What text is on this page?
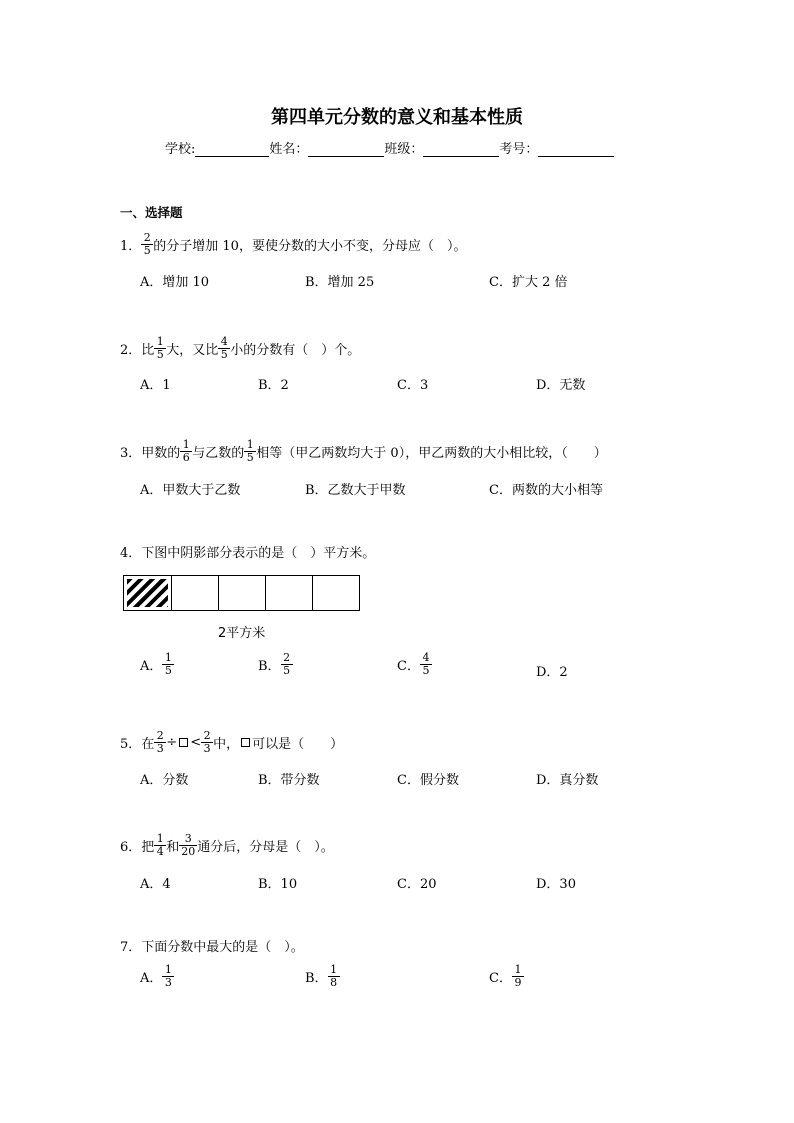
第四单元分数的意义和基本性质
学校:	姓名：	班级：	考号：
一、选择题
1． $\frac{2}{5}$ 的分子增加 10，要使分数的大小不变，分母应（　）。
A．增加 10	B．增加 25	C．扩大 2 倍
2．比 $\frac{1}{5}$ 大，又比 $\frac{4}{5}$ 小的分数有（　）个。
A．1	B．2	C．3	D．无数
3．甲数的 $\frac{1}{6}$ 与乙数的 $\frac{1}{5}$ 相等（甲乙两数均大于 0），甲乙两数的大小相比较，（　　）
A．甲数大于乙数	B．乙数大于甲数	C．两数的大小相等
4．下图中阴影部分表示的是（　）平方米。
2平方米
A． $\frac{1}{5}$	B． $\frac{2}{5}$	C． $\frac{4}{5}$	D．2
5．在 $\frac{2}{3}$ ÷ < $\frac{2}{3}$ 中， 可以是（　　）
A．分数	B．带分数	C．假分数	D．真分数
6．把 $\frac{1}{4}$ 和 $\frac{3}{20}$ 通分后，分母是（　）。
A．4	B．10	C．20	D．30
7．下面分数中最大的是（　）。
A． $\frac{1}{3}$	B． $\frac{1}{8}$	C． $\frac{1}{9}$
